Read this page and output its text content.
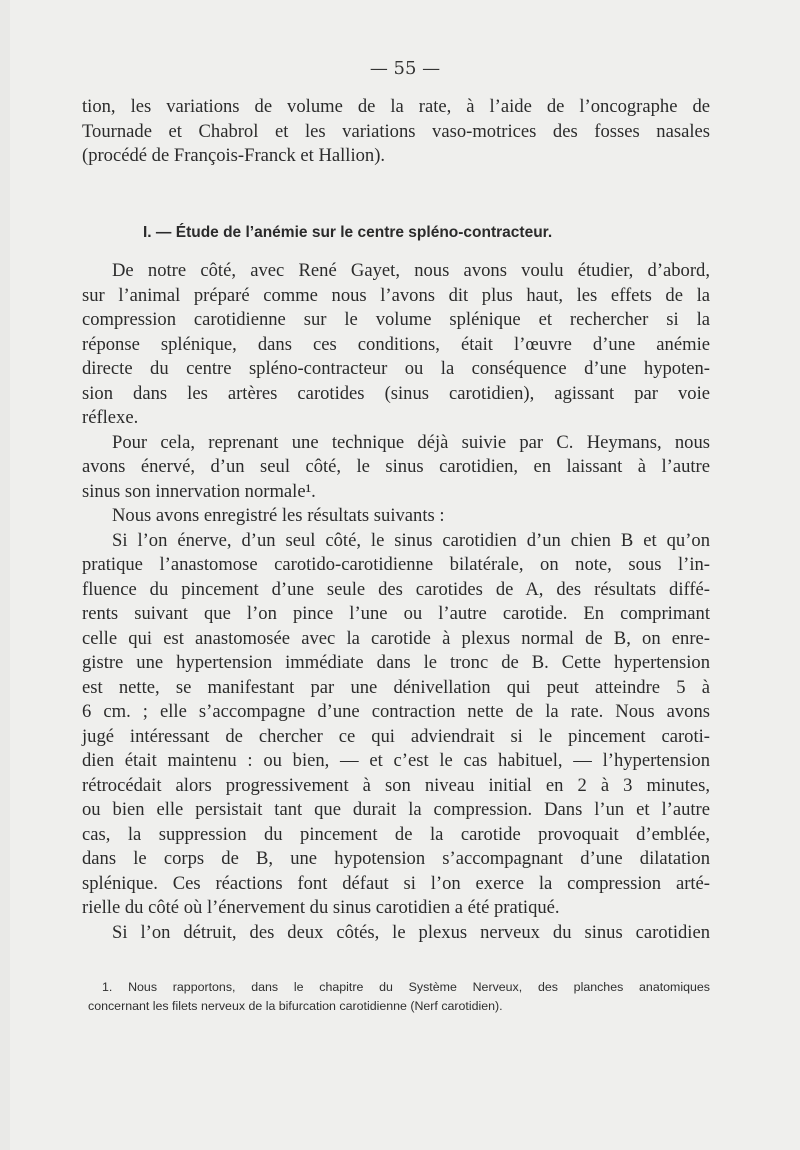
— 55 —
tion, les variations de volume de la rate, à l’aide de l’oncographe de
Tournade et Chabrol et les variations vaso-motrices des fosses nasales
(procédé de François-Franck et Hallion).
I. — Étude de l’anémie sur le centre spléno-contracteur.
De notre côté, avec René Gayet, nous avons voulu étudier, d’abord,
sur l’animal préparé comme nous l’avons dit plus haut, les effets de la
compression carotidienne sur le volume splénique et rechercher si la
réponse splénique, dans ces conditions, était l’œuvre d’une anémie
directe du centre spléno-contracteur ou la conséquence d’une hypoten-
sion dans les artères carotides (sinus carotidien), agissant par voie
réflexe.
Pour cela, reprenant une technique déjà suivie par C. Heymans, nous
avons énervé, d’un seul côté, le sinus carotidien, en laissant à l’autre
sinus son innervation normale¹.
Nous avons enregistré les résultats suivants :
Si l’on énerve, d’un seul côté, le sinus carotidien d’un chien B et qu’on
pratique l’anastomose carotido-carotidienne bilatérale, on note, sous l’in-
fluence du pincement d’une seule des carotides de A, des résultats diffé-
rents suivant que l’on pince l’une ou l’autre carotide. En comprimant
celle qui est anastomosée avec la carotide à plexus normal de B, on enre-
gistre une hypertension immédiate dans le tronc de B. Cette hypertension
est nette, se manifestant par une dénivellation qui peut atteindre 5 à
6 cm. ; elle s’accompagne d’une contraction nette de la rate. Nous avons
jugé intéressant de chercher ce qui adviendrait si le pincement caroti-
dien était maintenu : ou bien, — et c’est le cas habituel, — l’hypertension
rétrocédait alors progressivement à son niveau initial en 2 à 3 minutes,
ou bien elle persistait tant que durait la compression. Dans l’un et l’autre
cas, la suppression du pincement de la carotide provoquait d’emblée,
dans le corps de B, une hypotension s’accompagnant d’une dilatation
splénique. Ces réactions font défaut si l’on exerce la compression arté-
rielle du côté où l’énervement du sinus carotidien a été pratiqué.
Si l’on détruit, des deux côtés, le plexus nerveux du sinus carotidien
1. Nous rapportons, dans le chapitre du Système Nerveux, des planches anatomiques
concernant les filets nerveux de la bifurcation carotidienne (Nerf carotidien).
